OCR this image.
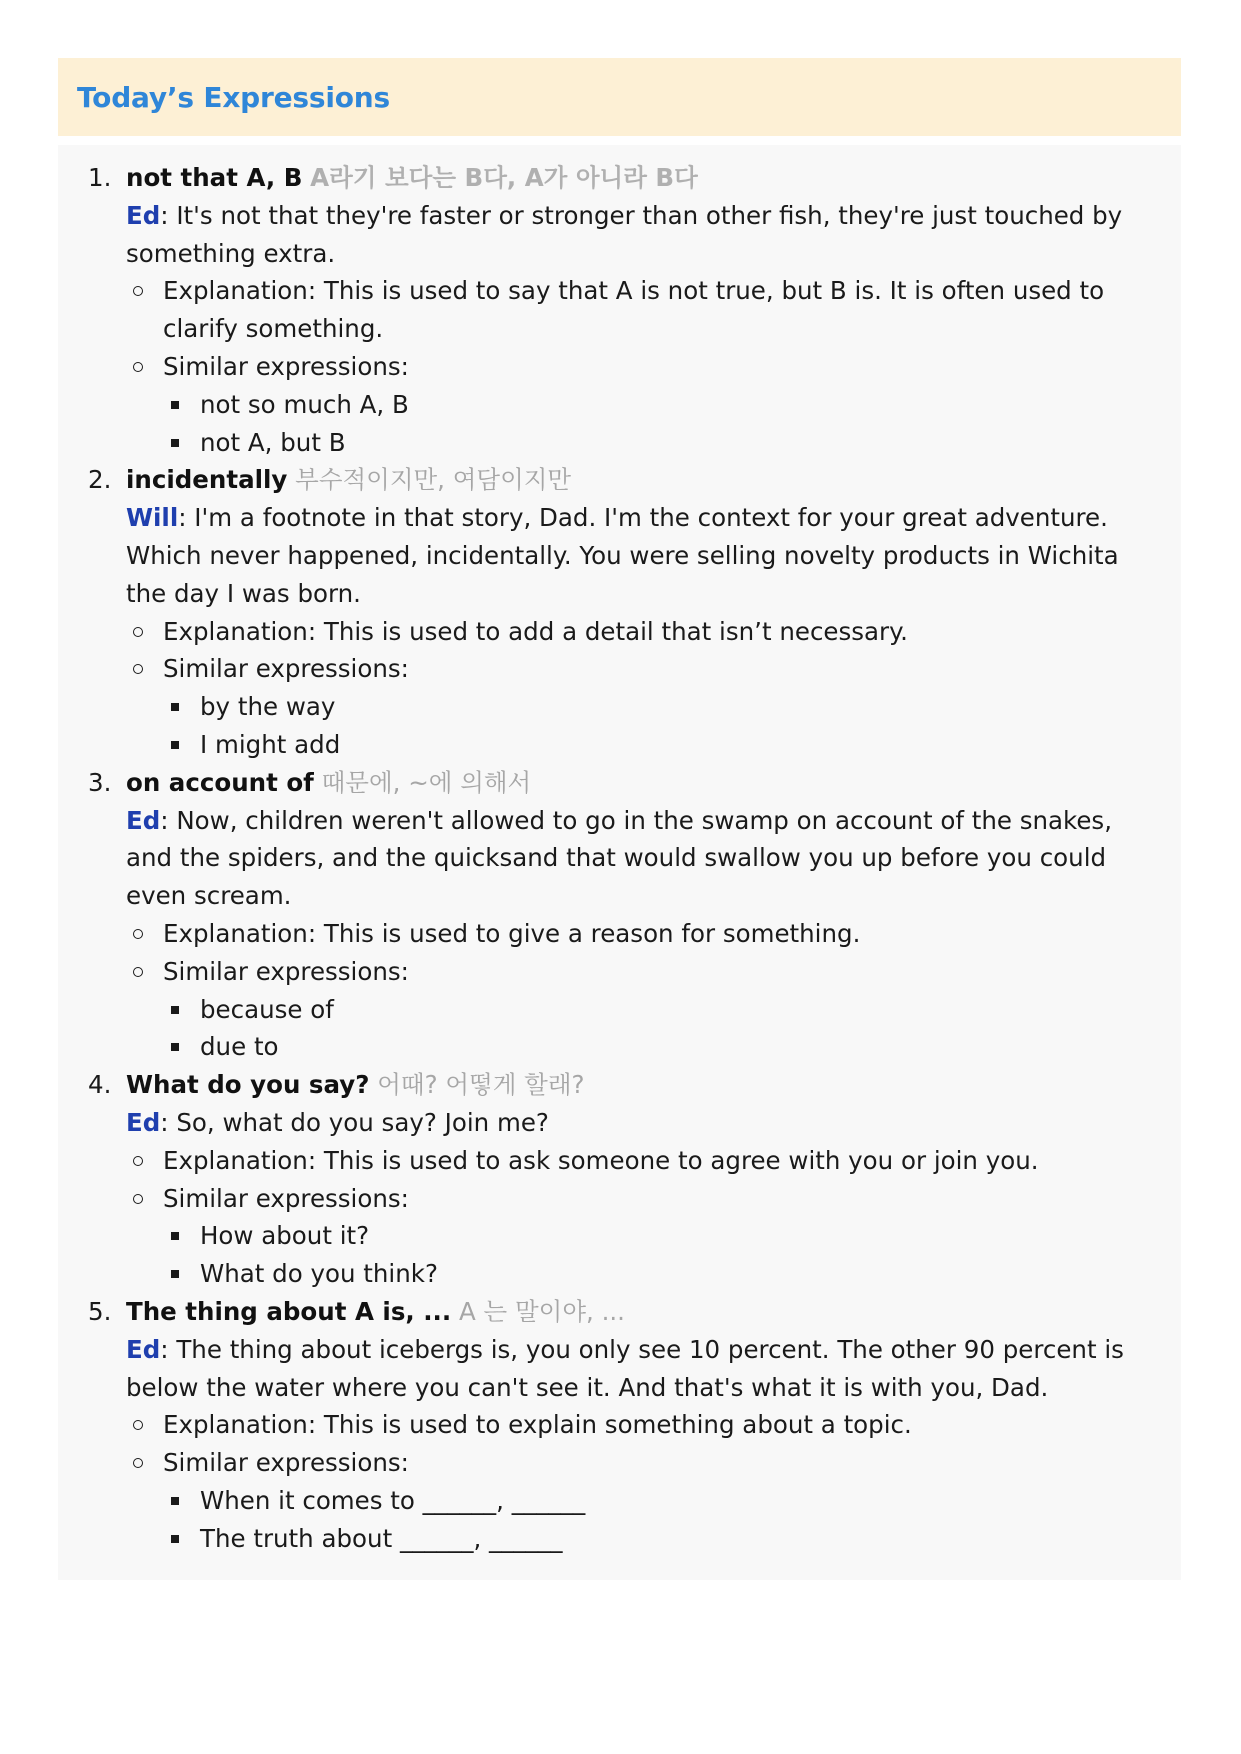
Today’s Expressions
1. not that A, B A라기 보다는 B다, A가 아니라 B다

Ed: It's not that they're faster or stronger than other fish, they're just touched by something extra.

Explanation: This is used to say that A is not true, but B is. It is often used to clarify something.
Similar expressions:
not so much A, B
not A, but B
2. incidentally 부수적이지만, 여담이지만

Will: I'm a footnote in that story, Dad. I'm the context for your great adventure. Which never happened, incidentally. You were selling novelty products in Wichita the day I was born.

Explanation: This is used to add a detail that isn’t necessary.
Similar expressions:
by the way
I might add
3. on account of 때문에, ~에 의해서

Ed: Now, children weren't allowed to go in the swamp on account of the snakes, and the spiders, and the quicksand that would swallow you up before you could even scream.

Explanation: This is used to give a reason for something.
Similar expressions:
because of
due to
4. What do you say? 어때? 어떻게 할래?

Ed: So, what do you say? Join me?

Explanation: This is used to ask someone to agree with you or join you.
Similar expressions:
How about it?
What do you think?
5. The thing about A is, ... A 는 말이야, ...

Ed: The thing about icebergs is, you only see 10 percent. The other 90 percent is below the water where you can't see it. And that's what it is with you, Dad.

Explanation: This is used to explain something about a topic.
Similar expressions:
When it comes to ______, ______
The truth about ______, ______
